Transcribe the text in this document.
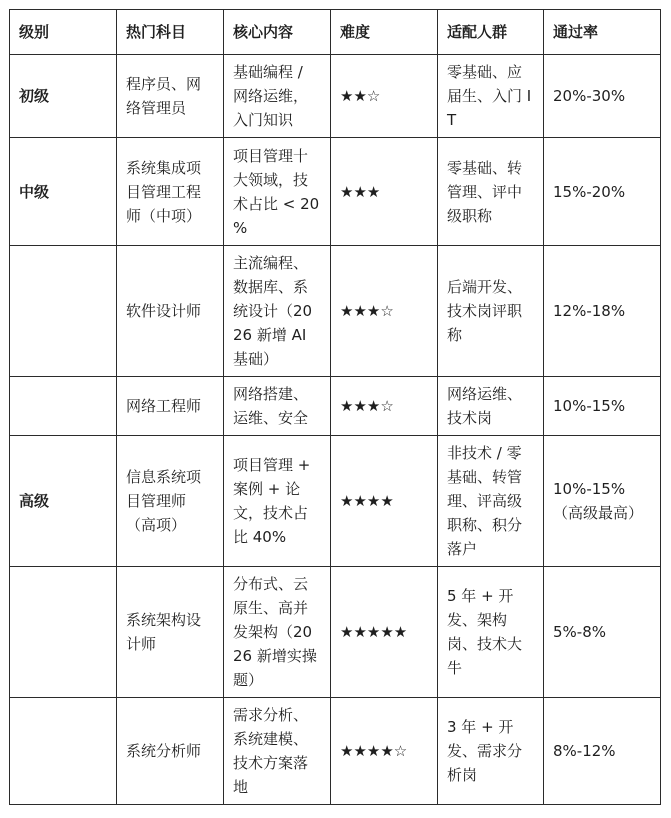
级别	热门科目	核心内容	难度	适配人群	通过率
初级	程序员、网络管理员	基础编程 / 网络运维，入门知识	★★☆	零基础、应届生、入门 IT	20%-30%
中级	系统集成项目管理工程师（中项）	项目管理十大领域，技术占比 < 20 %	★★★	零基础、转管理、评中级职称	15%-20%
	软件设计师	主流编程、数据库、系统设计（2026 新增 AI 基础）	★★★☆	后端开发、技术岗评职称	12%-18%
	网络工程师	网络搭建、运维、安全	★★★☆	网络运维、技术岗	10%-15%
高级	信息系统项目管理师（高项）	项目管理 + 案例 + 论文，技术占比 40%	★★★★	非技术 / 零基础、转管理、评高级职称、积分落户	10%-15%（高级最高）
	系统架构设计师	分布式、云原生、高并发架构（2026 新增实操题）	★★★★★	5 年 + 开发、架构岗、技术大牛	5%-8%
	系统分析师	需求分析、系统建模、技术方案落地	★★★★☆	3 年 + 开发、需求分析岗	8%-12%
